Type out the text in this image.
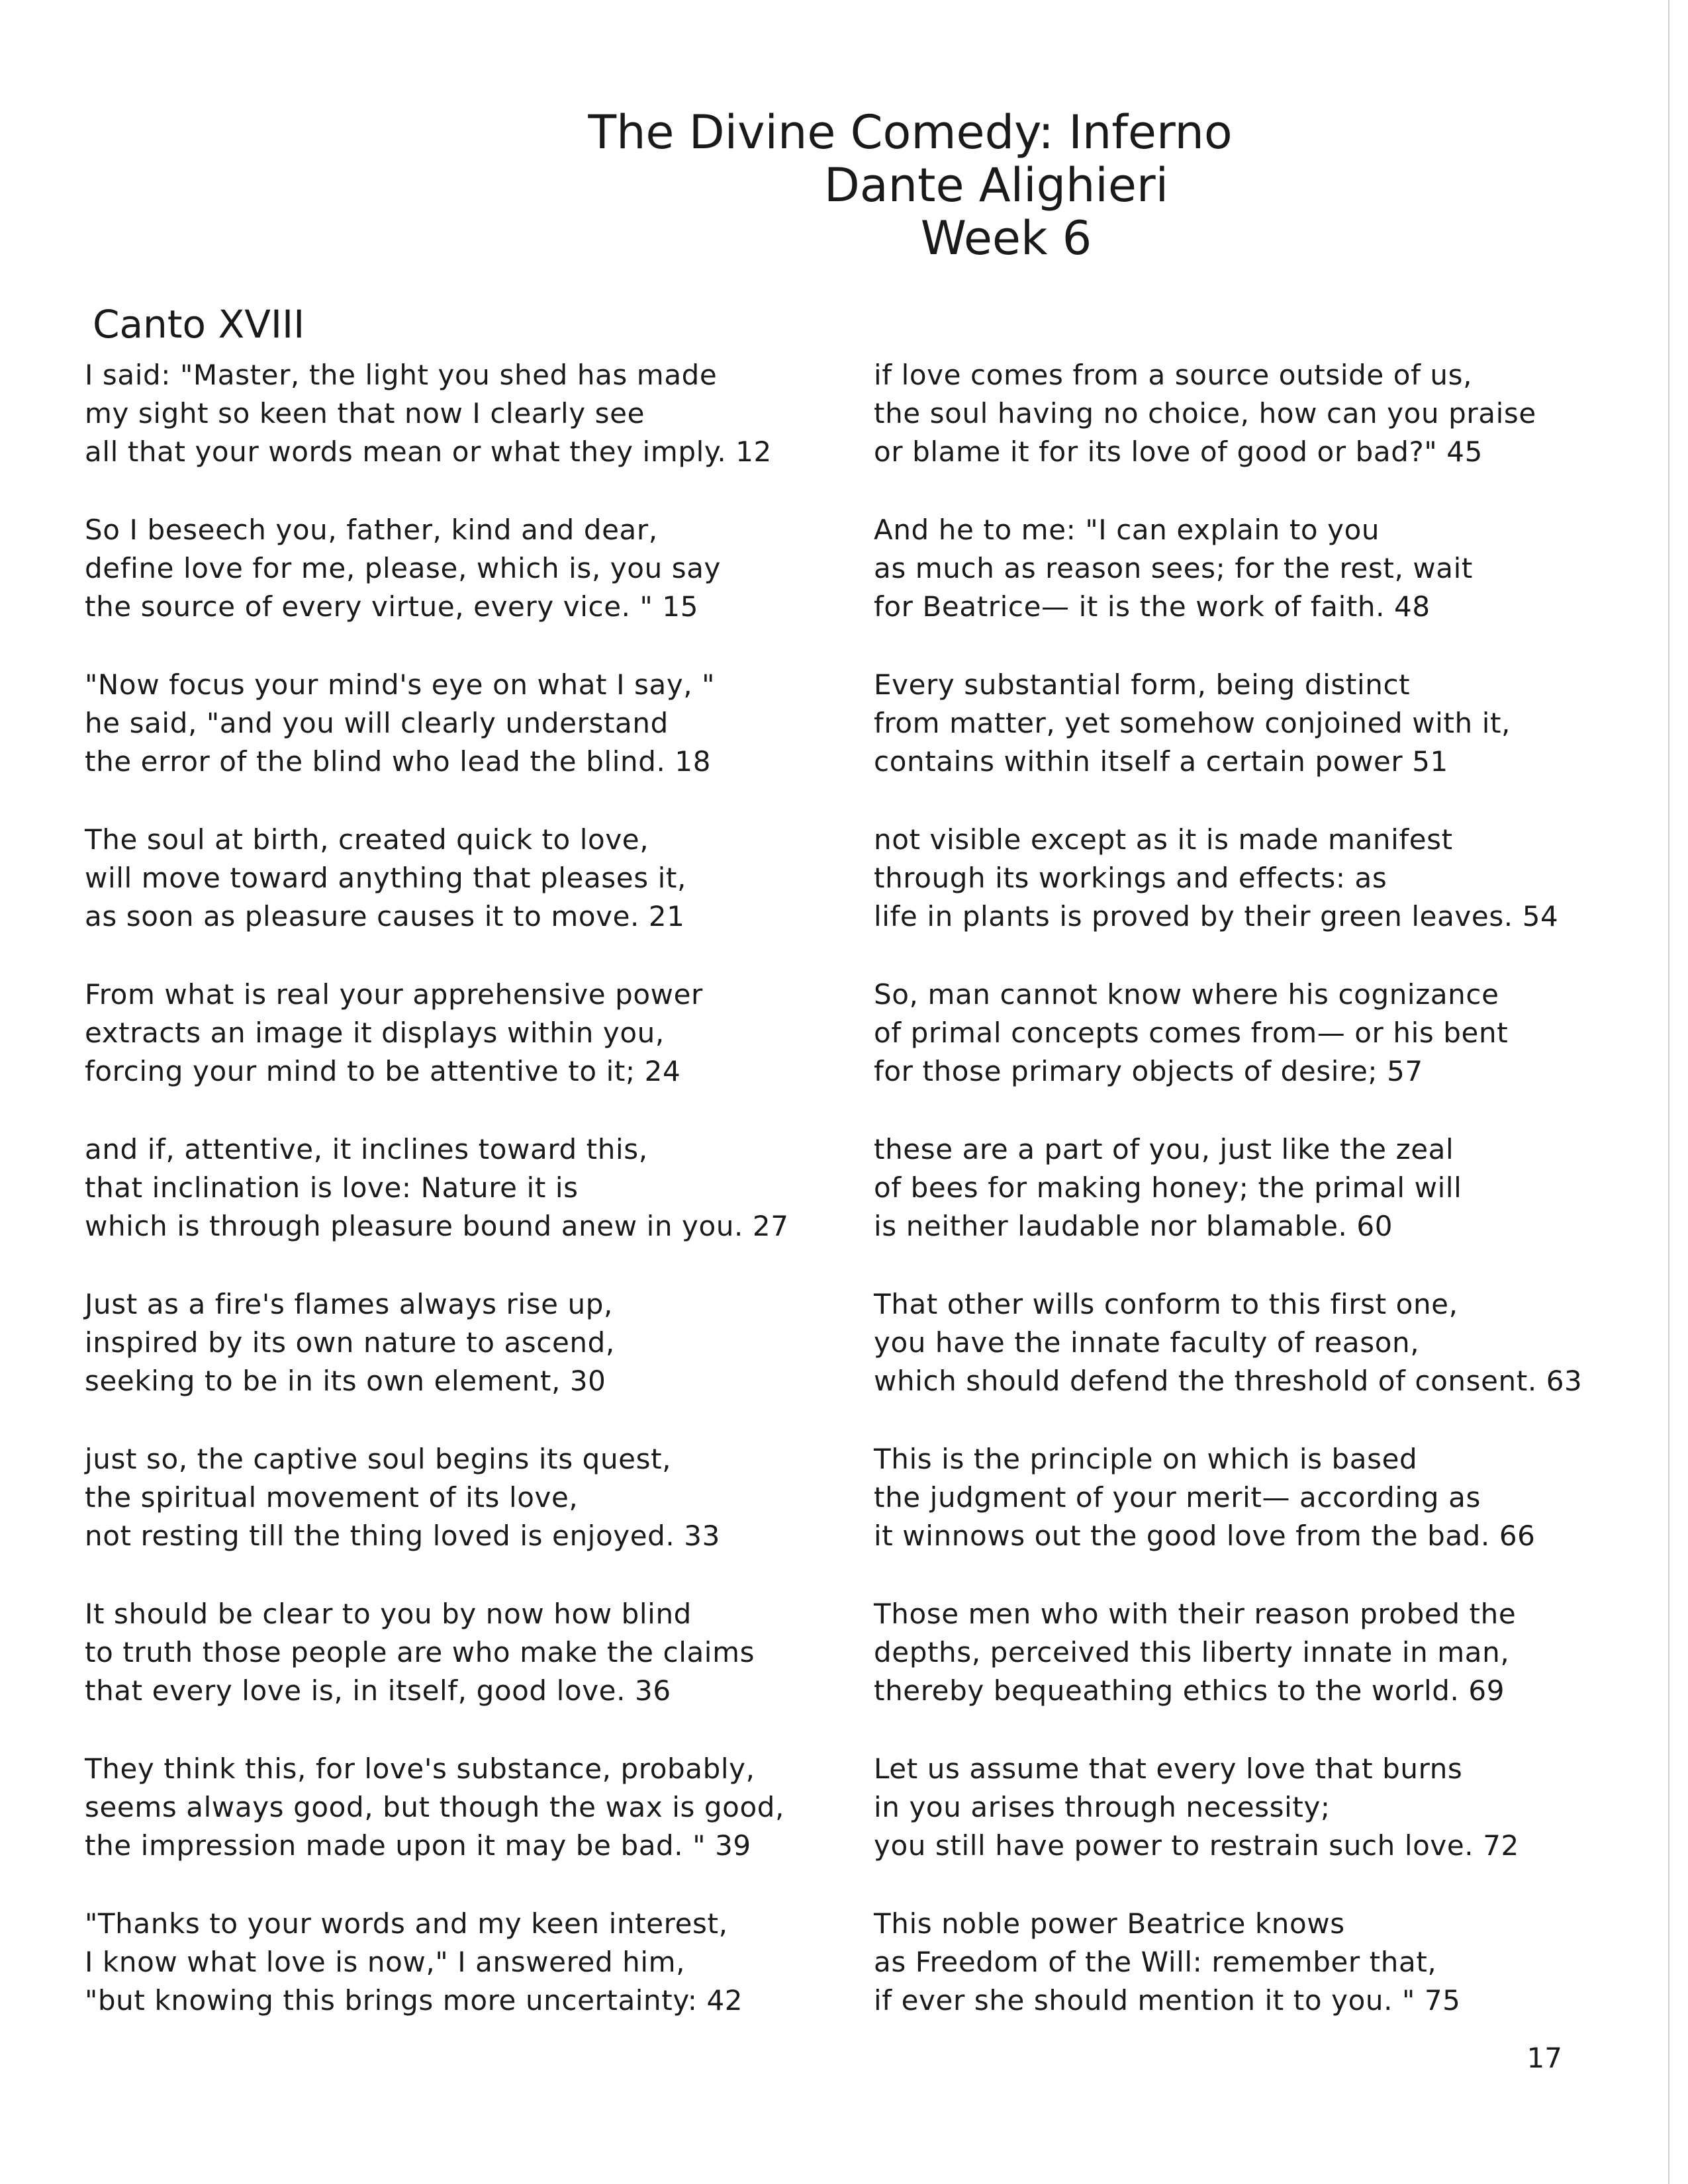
The Divine Comedy: Inferno
Dante Alighieri
Week 6
Canto XVIII
I said: "Master, the light you shed has made
my sight so keen that now I clearly see
all that your words mean or what they imply. 12
So I beseech you, father, kind and dear,
define love for me, please, which is, you say
the source of every virtue, every vice. " 15
"Now focus your mind's eye on what I say, "
he said, "and you will clearly understand
the error of the blind who lead the blind. 18
The soul at birth, created quick to love,
will move toward anything that pleases it,
as soon as pleasure causes it to move. 21
From what is real your apprehensive power
extracts an image it displays within you,
forcing your mind to be attentive to it; 24
and if, attentive, it inclines toward this,
that inclination is love: Nature it is
which is through pleasure bound anew in you. 27
Just as a fire's flames always rise up,
inspired by its own nature to ascend,
seeking to be in its own element, 30
just so, the captive soul begins its quest,
the spiritual movement of its love,
not resting till the thing loved is enjoyed. 33
It should be clear to you by now how blind
to truth those people are who make the claims
that every love is, in itself, good love. 36
They think this, for love's substance, probably,
seems always good, but though the wax is good,
the impression made upon it may be bad. " 39
"Thanks to your words and my keen interest,
I know what love is now," I answered him,
"but knowing this brings more uncertainty: 42
if love comes from a source outside of us,
the soul having no choice, how can you praise
or blame it for its love of good or bad?" 45
And he to me: "I can explain to you
as much as reason sees; for the rest, wait
for Beatrice— it is the work of faith. 48
Every substantial form, being distinct
from matter, yet somehow conjoined with it,
contains within itself a certain power 51
not visible except as it is made manifest
through its workings and effects: as
life in plants is proved by their green leaves. 54
So, man cannot know where his cognizance
of primal concepts comes from— or his bent
for those primary objects of desire; 57
these are a part of you, just like the zeal
of bees for making honey; the primal will
is neither laudable nor blamable. 60
That other wills conform to this first one,
you have the innate faculty of reason,
which should defend the threshold of consent. 63
This is the principle on which is based
the judgment of your merit— according as
it winnows out the good love from the bad. 66
Those men who with their reason probed the
depths, perceived this liberty innate in man,
thereby bequeathing ethics to the world. 69
Let us assume that every love that burns
in you arises through necessity;
you still have power to restrain such love. 72
This noble power Beatrice knows
as Freedom of the Will: remember that,
if ever she should mention it to you. " 75
17
